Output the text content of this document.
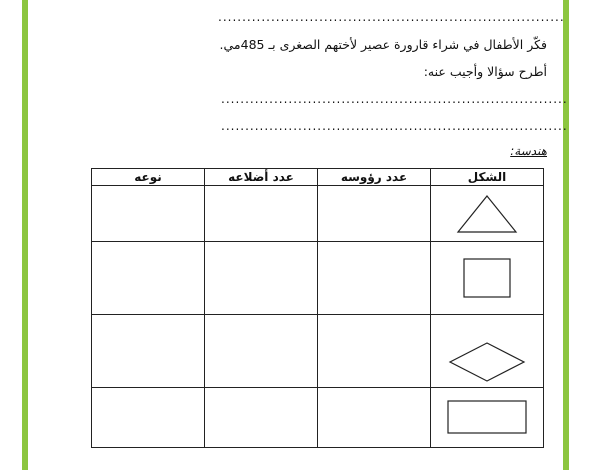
........................................................................
فكّر الأطفال في شراء قارورة عصير لأختهم الصغرى بـ 485مي.
أطرح سؤالا وأجيب عنه:
........................................................................
........................................................................
هندسة:
الشكل	عدد رؤوسه	عدد أضلاعه	نوعه
